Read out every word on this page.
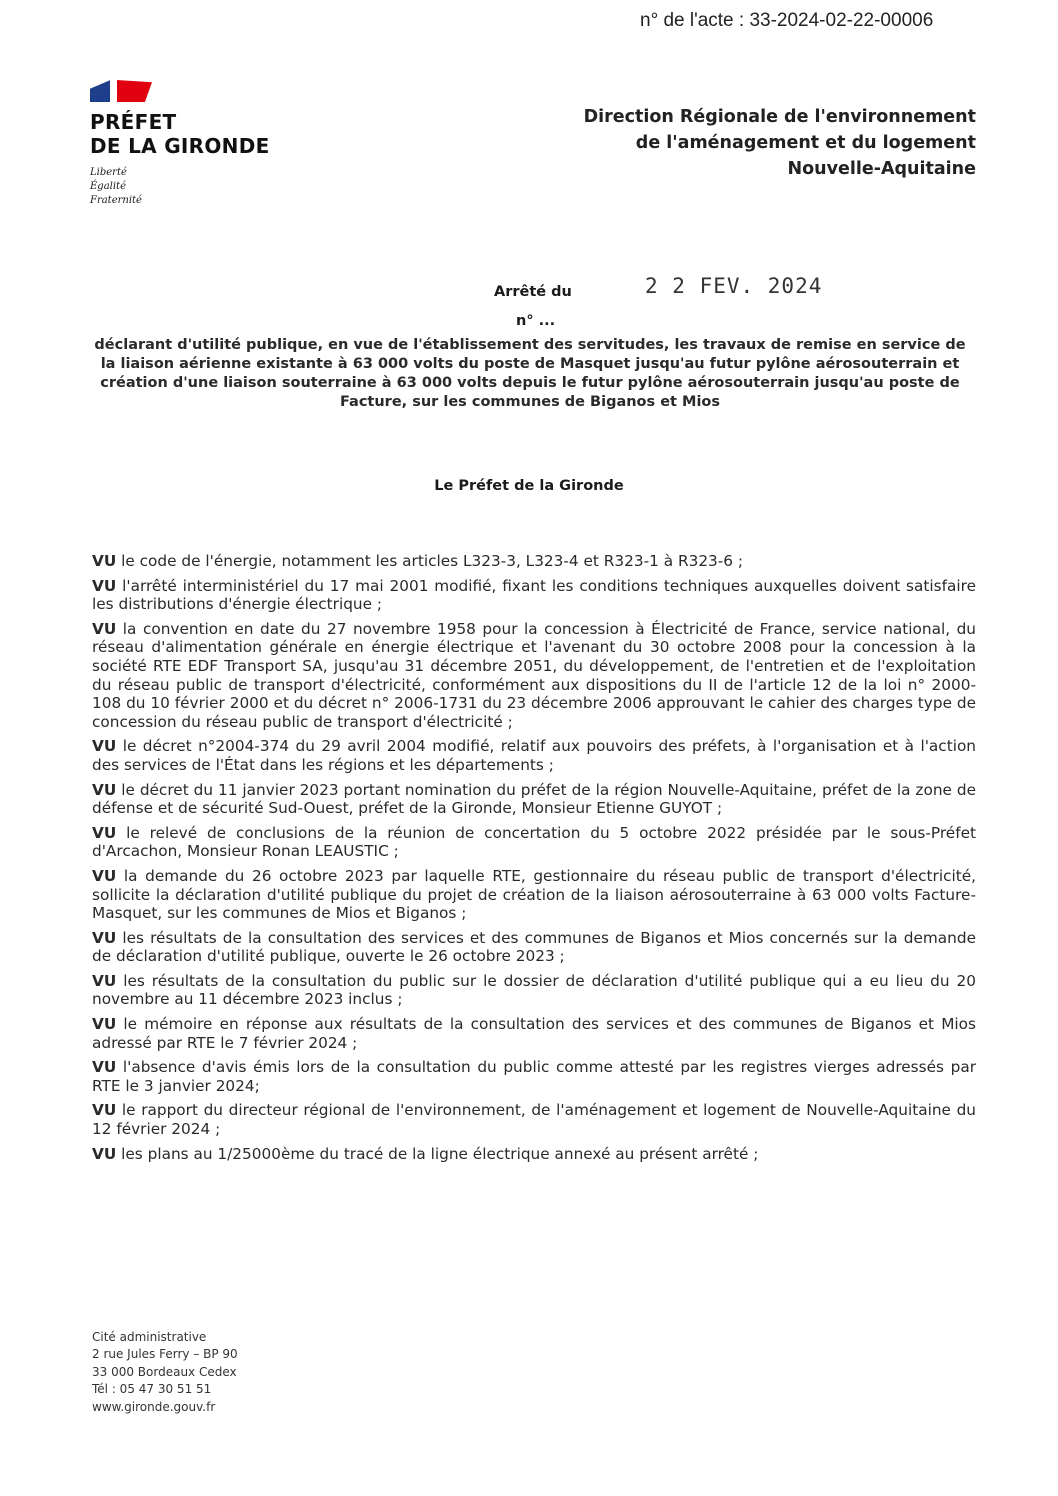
n° de l'acte : 33-2024-02-22-00006
PRÉFET
DE LA GIRONDE
Liberté
Égalité
Fraternité
Direction Régionale de l'environnement
de l'aménagement et du logement
Nouvelle-Aquitaine
Arrêté du	2 2 FEV. 2024
n° ...
déclarant d'utilité publique, en vue de l'établissement des servitudes, les travaux de remise en service de la liaison aérienne existante à 63 000 volts du poste de Masquet jusqu'au futur pylône aérosouterrain et création d'une liaison souterraine à 63 000 volts depuis le futur pylône aérosouterrain jusqu'au poste de Facture, sur les communes de Biganos et Mios
Le Préfet de la Gironde

VU le code de l'énergie, notamment les articles L323-3, L323-4 et R323-1 à R323-6 ;

VU l'arrêté interministériel du 17 mai 2001 modifié, fixant les conditions techniques auxquelles doivent satisfaire les distributions d'énergie électrique ;

VU la convention en date du 27 novembre 1958 pour la concession à Électricité de France, service national, du réseau d'alimentation générale en énergie électrique et l'avenant du 30 octobre 2008 pour la concession à la société RTE EDF Transport SA, jusqu'au 31 décembre 2051, du développement, de l'entretien et de l'exploitation du réseau public de transport d'électricité, conformément aux dispositions du II de l'article 12 de la loi n° 2000-108 du 10 février 2000 et du décret n° 2006-1731 du 23 décembre 2006 approuvant le cahier des charges type de concession du réseau public de transport d'électricité ;

VU le décret n°2004-374 du 29 avril 2004 modifié, relatif aux pouvoirs des préfets, à l'organisation et à l'action des services de l'État dans les régions et les départements ;

VU le décret du 11 janvier 2023 portant nomination du préfet de la région Nouvelle-Aquitaine, préfet de la zone de défense et de sécurité Sud-Ouest, préfet de la Gironde, Monsieur Etienne GUYOT ;

VU le relevé de conclusions de la réunion de concertation du 5 octobre 2022 présidée par le sous-Préfet d'Arcachon, Monsieur Ronan LEAUSTIC ;

VU la demande du 26 octobre 2023 par laquelle RTE, gestionnaire du réseau public de transport d'électricité, sollicite la déclaration d'utilité publique du projet de création de la liaison aérosouterraine à 63 000 volts Facture-Masquet, sur les communes de Mios et Biganos ;

VU les résultats de la consultation des services et des communes de Biganos et Mios concernés sur la demande de déclaration d'utilité publique, ouverte le 26 octobre 2023 ;

VU les résultats de la consultation du public sur le dossier de déclaration d'utilité publique qui a eu lieu du 20 novembre au 11 décembre 2023 inclus ;

VU le mémoire en réponse aux résultats de la consultation des services et des communes de Biganos et Mios adressé par RTE le 7 février 2024 ;

VU l'absence d'avis émis lors de la consultation du public comme attesté par les registres vierges adressés par RTE le 3 janvier 2024;

VU le rapport du directeur régional de l'environnement, de l'aménagement et logement de Nouvelle-Aquitaine du 12 février 2024 ;

VU les plans au 1/25000ème du tracé de la ligne électrique annexé au présent arrêté ;

Cité administrative
2 rue Jules Ferry – BP 90
33 000 Bordeaux Cedex
Tél : 05 47 30 51 51
www.gironde.gouv.fr
